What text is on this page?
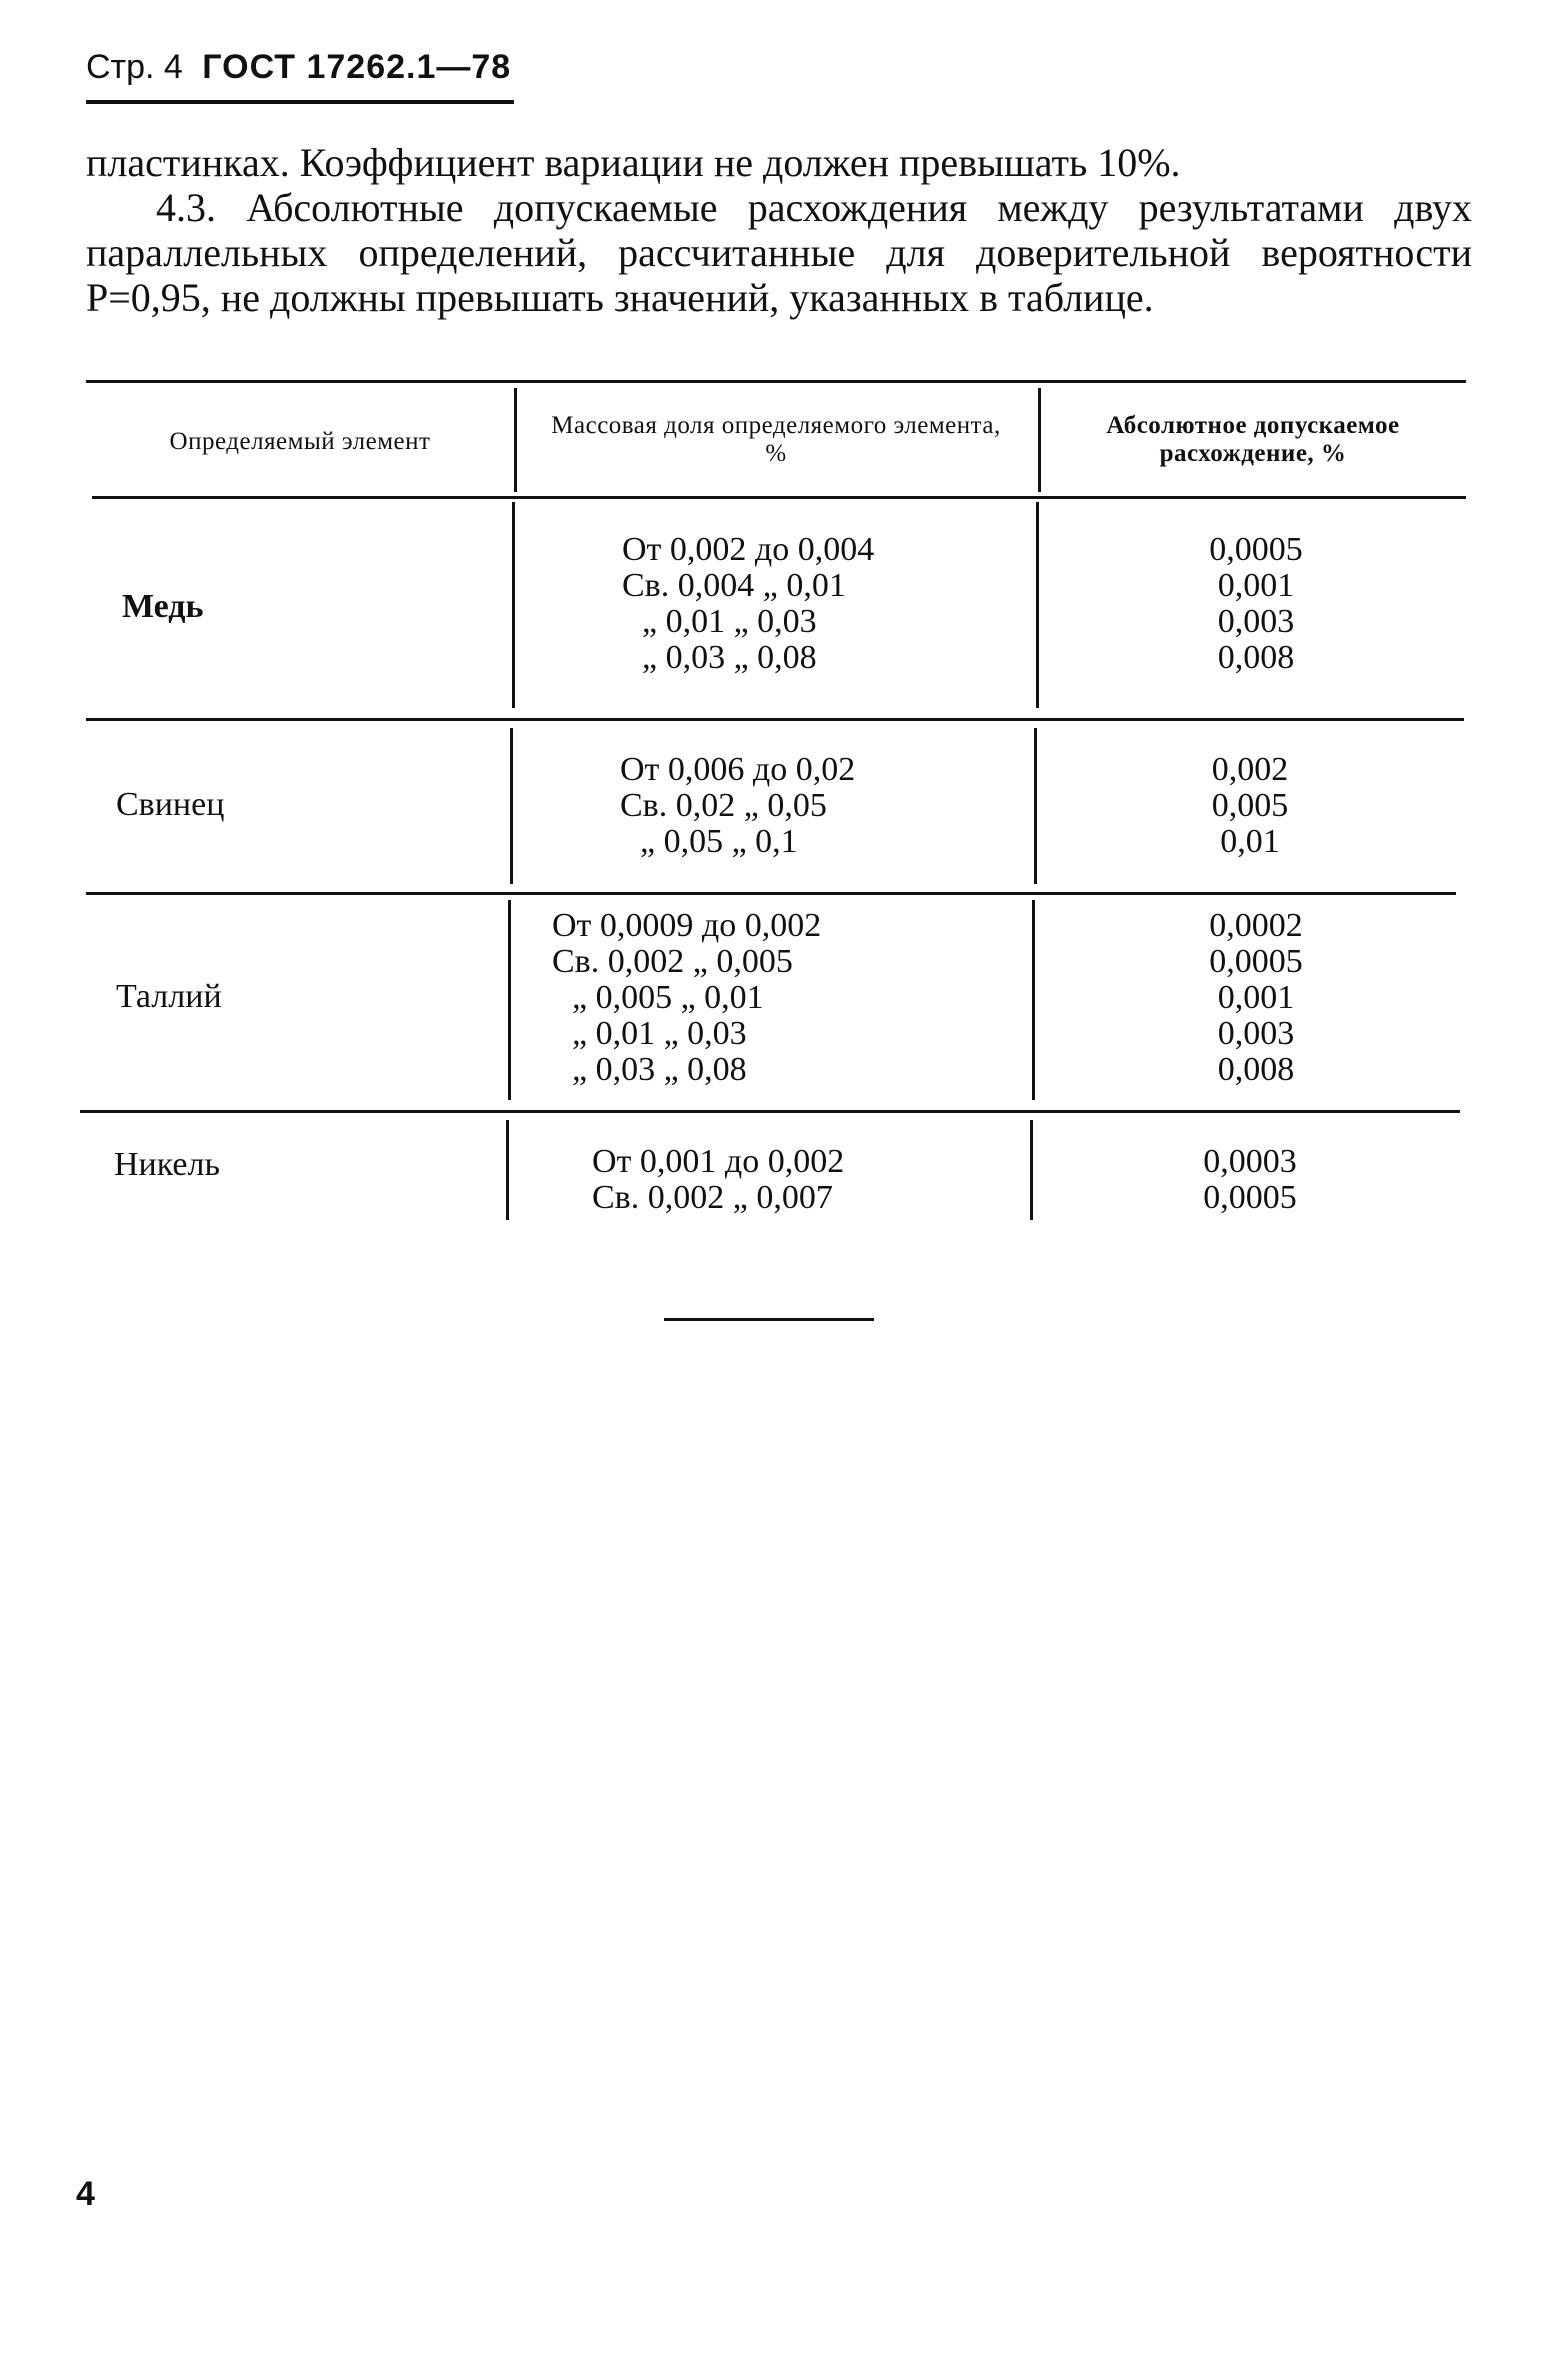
Стр. 4 ГОСТ 17262.1—78
пластинках. Коэффициент вариации не должен превышать 10%.
4.3. Абсолютные допускаемые расхождения между результатами двух параллельных определений, рассчитанные для доверительной вероятности P=0,95, не должны превышать значений, указанных в таблице.
Определяемый элемент
Массовая доля определяемого элемента, %
Абсолютное допускаемое расхождение, %
Медь
От 0,002 до 0,004
Св. 0,004 „ 0,01
„ 0,01 „ 0,03
„ 0,03 „ 0,08
0,0005
0,001
0,003
0,008
Свинец
От 0,006 до 0,02
Св. 0,02 „ 0,05
„ 0,05 „ 0,1
0,002
0,005
0,01
Таллий
От 0,0009 до 0,002
Св. 0,002 „ 0,005
„ 0,005 „ 0,01
„ 0,01 „ 0,03
„ 0,03 „ 0,08
0,0002
0,0005
0,001
0,003
0,008
Никель	От 0,001 до 0,002
Св. 0,002 „ 0,007
0,0003
0,0005
4
